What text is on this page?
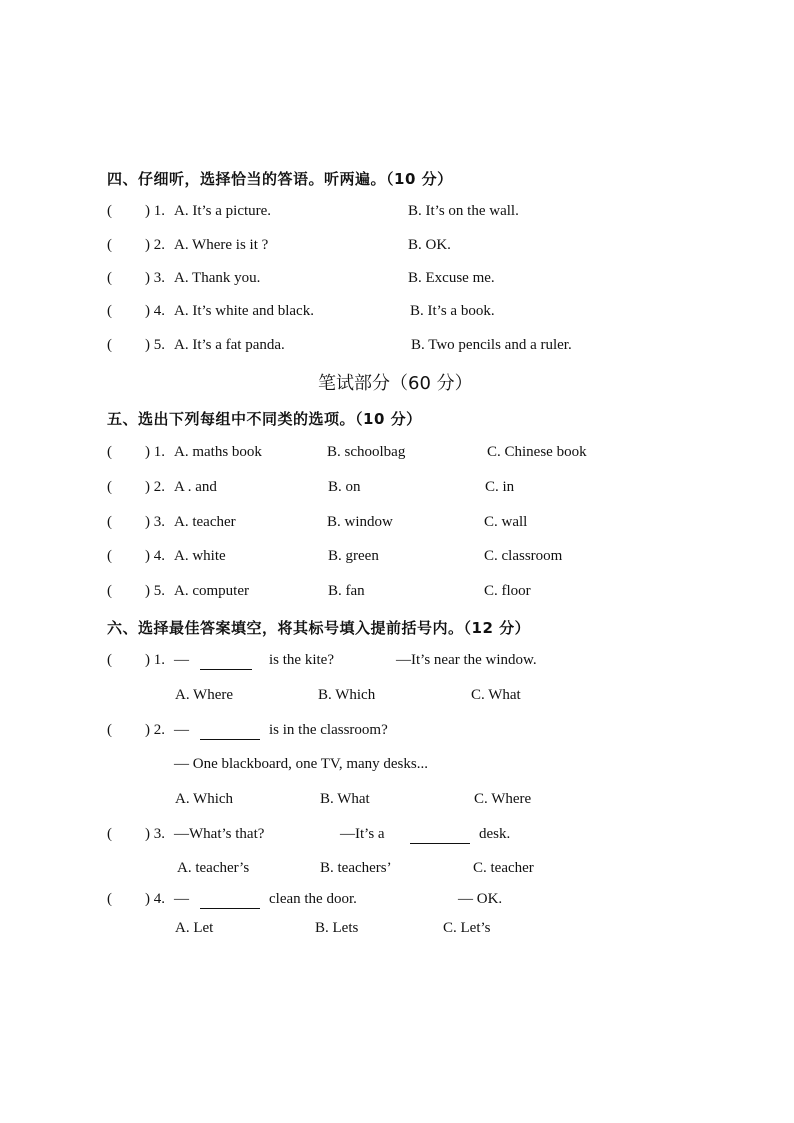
四、仔细听，选择恰当的答语。听两遍。（10 分）
( ) 1. A. It’s a picture.	B. It’s on the wall.
( ) 2. A. Where is it ?	B. OK.
( ) 3. A. Thank you.	B. Excuse me.
( ) 4. A. It’s white and black.	B. It’s a book.
( ) 5. A. It’s a fat panda.	B. Two pencils and a ruler.
笔试部分（60 分）
五、选出下列每组中不同类的选项。（10 分）
( ) 1. A. maths book	B. schoolbag	C. Chinese book
( ) 2. A . and	B. on	C. in
( ) 3. A. teacher	B. window	C. wall
( ) 4. A. white	B. green	C. classroom
( ) 5. A. computer	B. fan	C. floor
六、选择最佳答案填空，将其标号填入提前括号内。（12 分）
( ) 1. —	is the kite?	—It’s near the window.
A. Where	B. Which	C. What
( ) 2. —	is in the classroom?
— One blackboard, one TV, many desks...
A. Which	B. What	C. Where
( ) 3. —What’s that?	—It’s a	desk.
A. teacher’s	B. teachers’	C. teacher
( ) 4. —	clean the door.	— OK.
A. Let	B. Lets	C. Let’s
